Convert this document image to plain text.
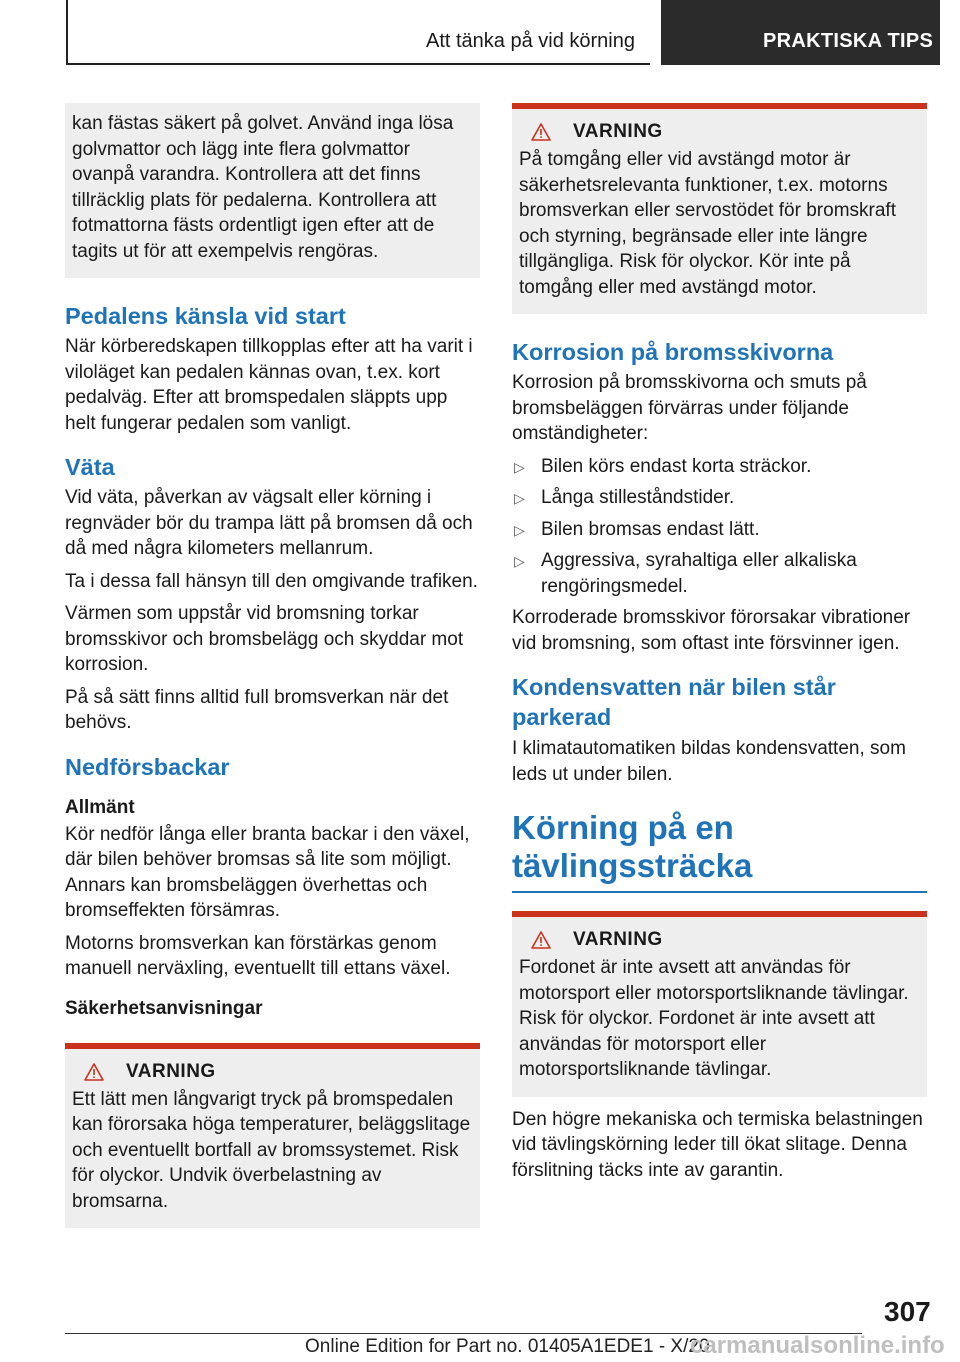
Att tänka på vid körning	PRAKTISKA TIPS

kan fästas säkert på golvet. Använd inga lösa golvmattor och lägg inte flera golvmattor ovanpå varandra. Kontrollera att det finns tillräcklig plats för pedalerna. Kontrollera att fotmattorna fästs ordentligt igen efter att de tagits ut för att exempelvis rengöras.

Pedalens känsla vid start

När körberedskapen tillkopplas efter att ha varit i viloläget kan pedalen kännas ovan, t.ex. kort pedalväg. Efter att bromspedalen släppts upp helt fungerar pedalen som vanligt.

Väta

Vid väta, påverkan av vägsalt eller körning i regnväder bör du trampa lätt på bromsen då och då med några kilometers mellanrum.

Ta i dessa fall hänsyn till den omgivande trafiken.

Värmen som uppstår vid bromsning torkar bromsskivor och bromsbelägg och skyddar mot korrosion.

På så sätt finns alltid full bromsverkan när det behövs.

Nedförsbackar
Allmänt

Kör nedför långa eller branta backar i den växel, där bilen behöver bromsas så lite som möjligt. Annars kan bromsbeläggen överhettas och bromseffekten försämras.

Motorns bromsverkan kan förstärkas genom manuell nerväxling, eventuellt till ettans växel.

Säkerhetsanvisningar
VARNING

Ett lätt men långvarigt tryck på bromspedalen kan förorsaka höga temperaturer, beläggslitage och eventuellt bortfall av bromssystemet. Risk för olyckor. Undvik överbelastning av bromsarna.

VARNING

På tomgång eller vid avstängd motor är säkerhetsrelevanta funktioner, t.ex. motorns bromsverkan eller servostödet för bromskraft och styrning, begränsade eller inte längre tillgängliga. Risk för olyckor. Kör inte på tomgång eller med avstängd motor.

Korrosion på bromsskivorna

Korrosion på bromsskivorna och smuts på bromsbeläggen förvärras under följande omständigheter:

▷ Bilen körs endast korta sträckor.
▷ Långa stilleståndstider.
▷ Bilen bromsas endast lätt.
▷ Aggressiva, syrahaltiga eller alkaliska rengöringsmedel.

Korroderade bromsskivor förorsakar vibrationer vid bromsning, som oftast inte försvinner igen.

Kondensvatten när bilen står parkerad

I klimatautomatiken bildas kondensvatten, som leds ut under bilen.

Körning på en tävlingssträcka
VARNING

Fordonet är inte avsett att användas för motorsport eller motorsportsliknande tävlingar. Risk för olyckor. Fordonet är inte avsett att användas för motorsport eller motorsportsliknande tävlingar.

Den högre mekaniska och termiska belastningen vid tävlingskörning leder till ökat slitage. Denna förslitning täcks inte av garantin.

307
Online Edition for Part no. 01405A1EDE1 - X/20
carmanualsonline.info
